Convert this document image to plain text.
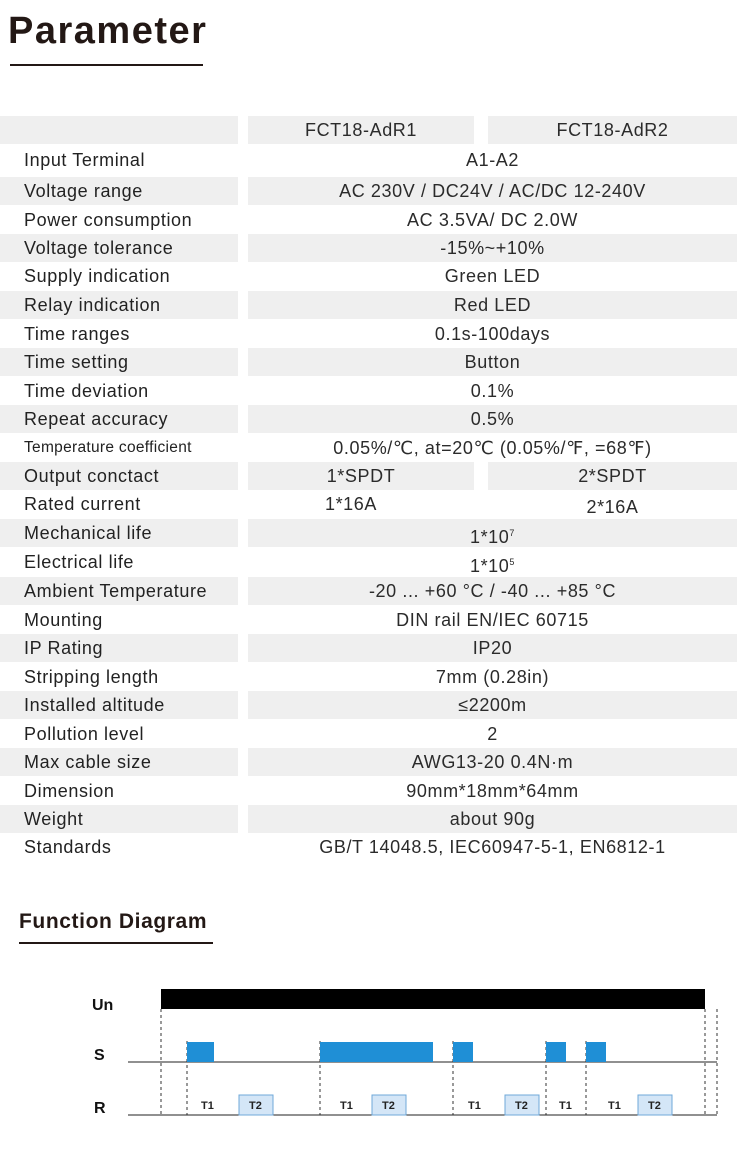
Parameter
FCT18-AdR1	FCT18-AdR2
Input Terminal	A1-A2
Voltage range	AC 230V / DC24V / AC/DC 12-240V
Power consumption	AC 3.5VA/ DC 2.0W
Voltage tolerance	-15%~+10%
Supply indication	Green LED
Relay indication	Red LED
Time ranges	0.1s-100days
Time setting	Button
Time deviation	0.1%
Repeat accuracy	0.5%
Temperature coefficient	0.05%/℃, at=20℃ (0.05%/℉, =68℉)
Output conctact	1*SPDT	2*SPDT
Rated current	1*16A	2*16A
Mechanical life	$1*10^7$
Electrical life	$1*10^5$
Ambient Temperature	-20 ... +60 °C / -40 ... +85 °C
Mounting	DIN rail EN/IEC 60715
IP Rating	IP20
Stripping length	7mm (0.28in)
Installed altitude	≤2200m
Pollution level	2
Max cable size	AWG13-20 0.4N·m
Dimension	90mm*18mm*64mm
Weight	about 90g
Standards	GB/T 14048.5, IEC60947-5-1, EN6812-1
Function Diagram
Un
S
R	T1	T1	T1	T1	T1
T2	T2	T2	T2
